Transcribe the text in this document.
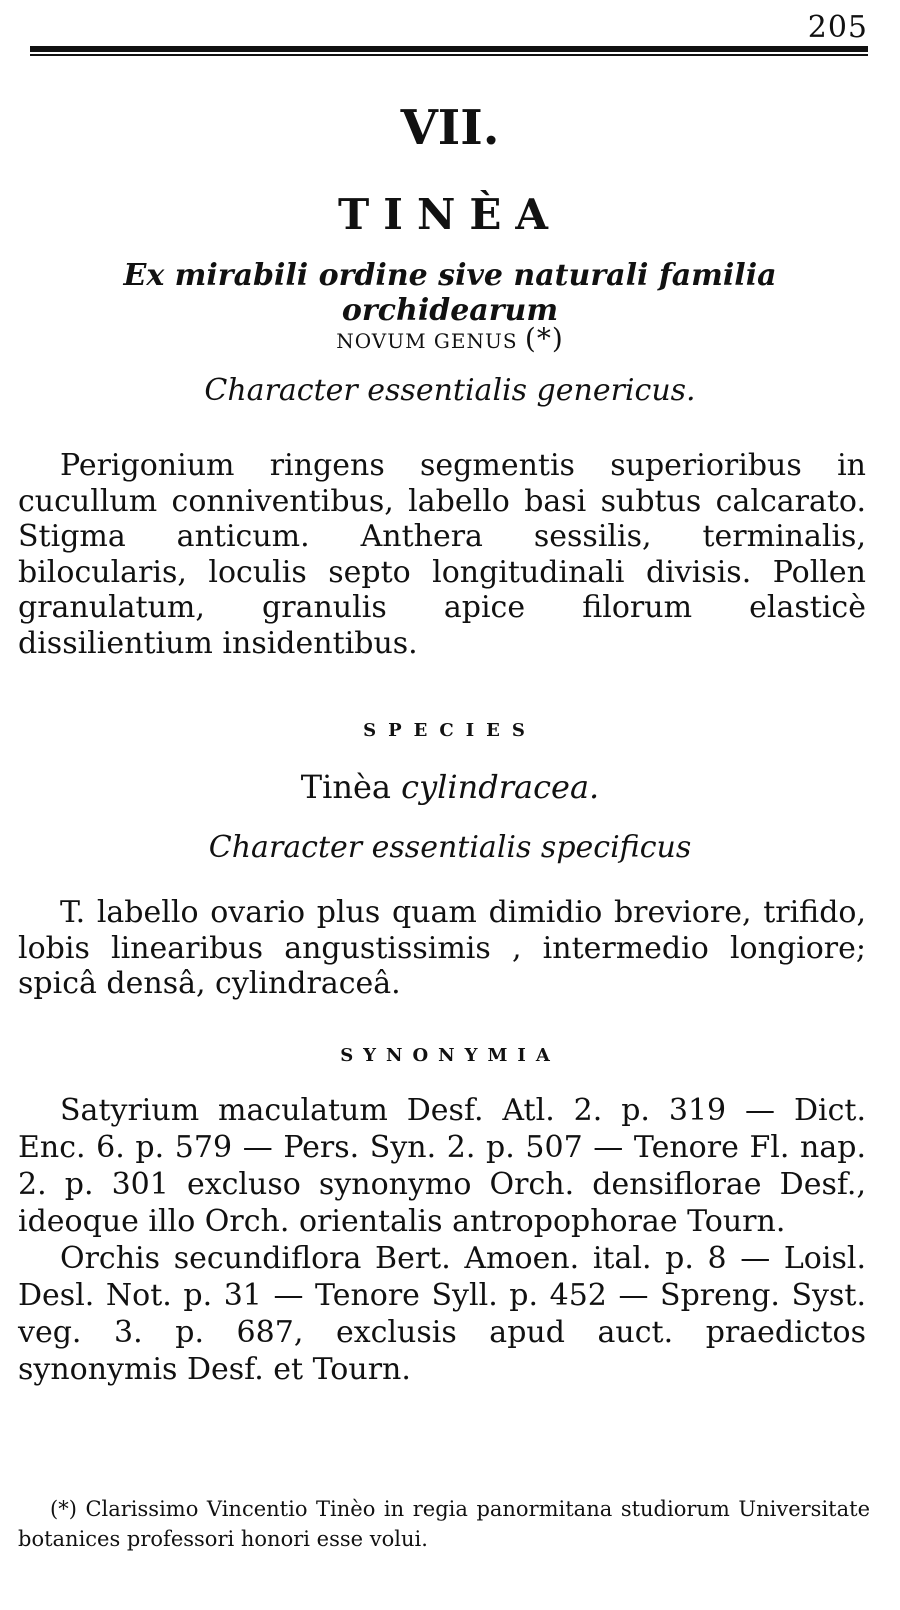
205
VII.
TINÈA
Ex mirabili ordine sive naturali familia orchidearum
NOVUM GENUS (*)
Character essentialis genericus.

Perigonium ringens segmentis superioribus in cucullum conniventibus, labello basi subtus calcarato. Stigma anticum. Anthera sessilis, terminalis, bilocularis, loculis septo longitudinali divisis. Pollen granulatum, granulis apice filorum elasticè dissilientium insidentibus.

SPECIES
Tinèa cylindracea.
Character essentialis specificus

T. labello ovario plus quam dimidio breviore, trifido, lobis linearibus angustissimis , intermedio longiore; spicâ densâ, cylindraceâ.

SYNONYMIA

Satyrium maculatum Desf. Atl. 2. p. 319 — Dict. Enc. 6. p. 579 — Pers. Syn. 2. p. 507 — Tenore Fl. nap. 2. p. 301 excluso synonymo Orch. densiflorae Desf., ideoque illo Orch. orientalis antropophorae Tourn.

Orchis secundiflora Bert. Amoen. ital. p. 8 — Loisl. Desl. Not. p. 31 — Tenore Syll. p. 452 — Spreng. Syst. veg. 3. p. 687, exclusis apud auct. praedictos synonymis Desf. et Tourn.

(*) Clarissimo Vincentio Tinèo in regia panormitana studiorum Universitate botanices professori honori esse volui.
